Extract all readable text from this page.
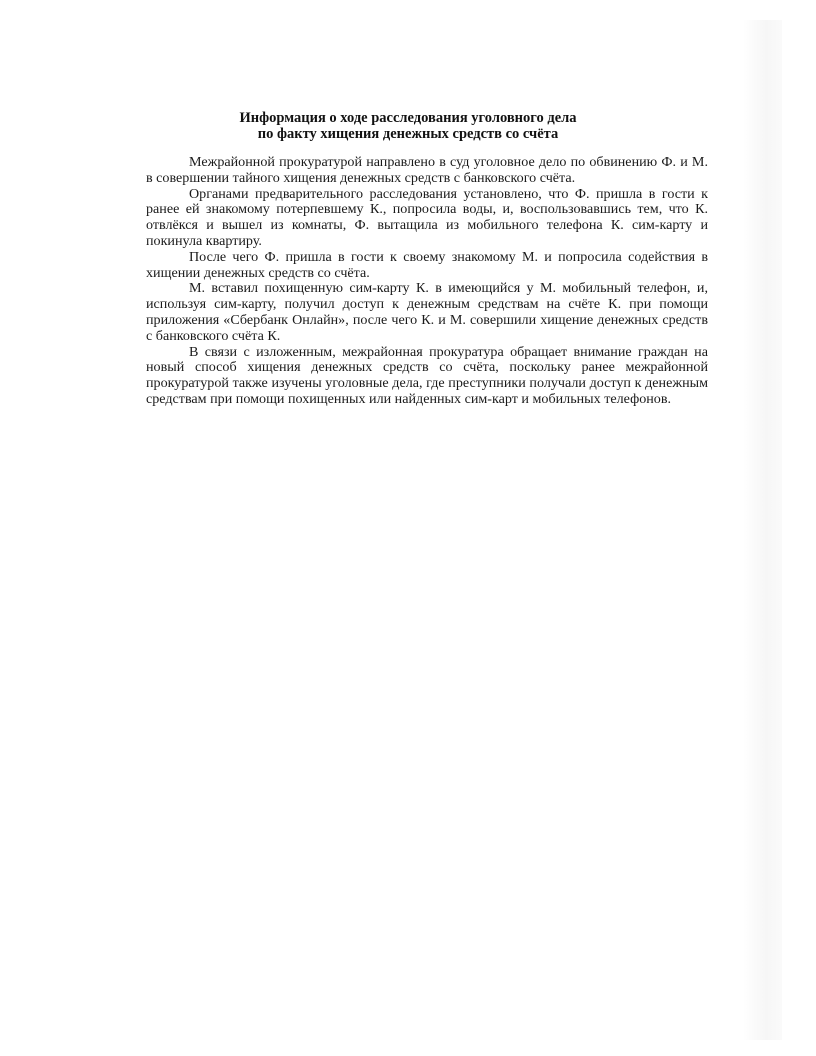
Информация о ходе расследования уголовного дела
по факту хищения денежных средств со счёта

Межрайонной прокуратурой направлено в суд уголовное дело по обвинению Ф. и М. в совершении тайного хищения денежных средств с банковского счёта.

Органами предварительного расследования установлено, что Ф. пришла в гости к ранее ей знакомому потерпевшему К., попросила воды, и, воспользовавшись тем, что К. отвлёкся и вышел из комнаты, Ф. вытащила из мобильного телефона К. сим-карту и покинула квартиру.

После чего Ф. пришла в гости к своему знакомому М. и попросила содействия в хищении денежных средств со счёта.

М. вставил похищенную сим-карту К. в имеющийся у М. мобильный телефон, и, используя сим-карту, получил доступ к денежным средствам на счёте К. при помощи приложения «Сбербанк Онлайн», после чего К. и М. совершили хищение денежных средств с банковского счёта К.

В связи с изложенным, межрайонная прокуратура обращает внимание граждан на новый способ хищения денежных средств со счёта, поскольку ранее межрайонной прокуратурой также изучены уголовные дела, где преступники получали доступ к денежным средствам при помощи похищенных или найденных сим-карт и мобильных телефонов.
